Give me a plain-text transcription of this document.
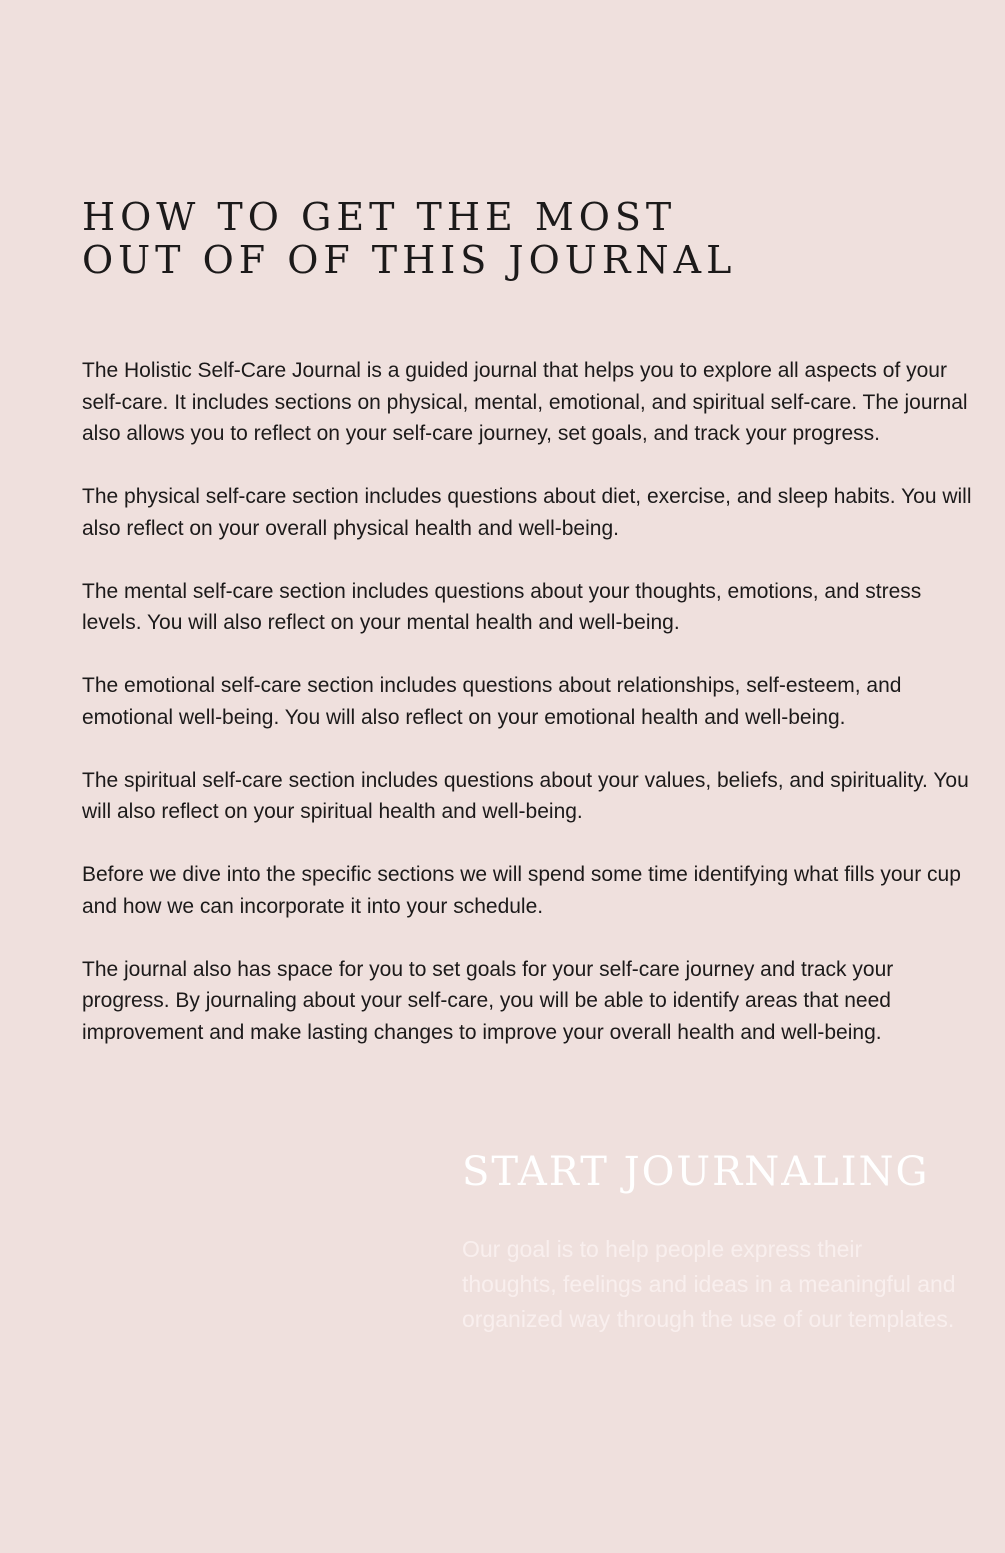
HOW TO GET THE MOST
OUT OF OF THIS JOURNAL

The Holistic Self-Care Journal is a guided journal that helps you to explore all aspects of your self-care. It includes sections on physical, mental, emotional, and spiritual self-care. The journal also allows you to reflect on your self-care journey, set goals, and track your progress.

The physical self-care section includes questions about diet, exercise, and sleep habits. You will also reflect on your overall physical health and well-being.

The mental self-care section includes questions about your thoughts, emotions, and stress levels. You will also reflect on your mental health and well-being.

The emotional self-care section includes questions about relationships, self-esteem, and emotional well-being. You will also reflect on your emotional health and well-being.

The spiritual self-care section includes questions about your values, beliefs, and spirituality. You will also reflect on your spiritual health and well-being.

Before we dive into the specific sections we will spend some time identifying what fills your cup and how we can incorporate it into your schedule.

The journal also has space for you to set goals for your self-care journey and track your progress. By journaling about your self-care, you will be able to identify areas that need improvement and make lasting changes to improve your overall health and well-being.

START JOURNALING

Our goal is to help people express their thoughts, feelings and ideas in a meaningful and organized way through the use of our templates.
